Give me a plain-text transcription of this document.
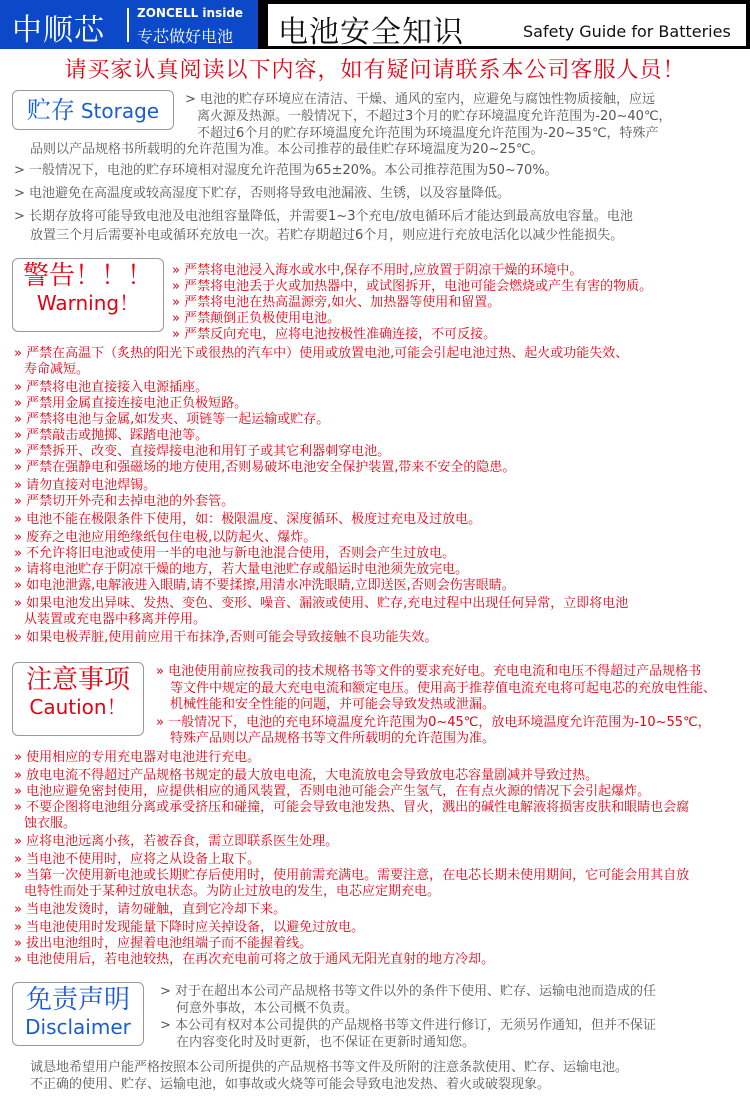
中顺芯	ZONCELL inside
专芯做好电池 电池安全知识	Safety Guide for Batteries
请买家认真阅读以下内容，如有疑问请联系本公司客服人员！
贮存 Storage	> 电池的贮存环境应在清洁、干燥、通风的室内，应避免与腐蚀性物质接触，应远
离火源及热源。一般情况下，不超过3个月的贮存环境温度允许范围为-20~40℃，
不超过6个月的贮存环境温度允许范围为环境温度允许范围为-20~35℃，特殊产
品则以产品规格书所载明的允许范围为准。本公司推荐的最佳贮存环境温度为20~25℃。
> 一般情况下，电池的贮存环境相对湿度允许范围为65±20%。本公司推荐范围为50~70%。
> 电池避免在高温度或较高湿度下贮存，否则将导致电池漏液、生锈，以及容量降低。
> 长期存放将可能导致电池及电池组容量降低，并需要1~3个充电/放电循环后才能达到最高放电容量。电池
放置三个月后需要补电或循环充放电一次。若贮存期超过6个月，则应进行充放电活化以减少性能损失。
警告！！！
Warning！
» 严禁将电池浸入海水或水中,保存不用时,应放置于阴凉干燥的环境中。
» 严禁将电池丢于火或加热器中，或试图拆开，电池可能会燃烧或产生有害的物质。
» 严禁将电池在热高温源旁,如火、加热器等使用和留置。
» 严禁颠倒正负极使用电池。
» 严禁反向充电，应将电池按极性准确连接，不可反接。
» 严禁在高温下（炙热的阳光下或很热的汽车中）使用或放置电池,可能会引起电池过热、起火或功能失效、
寿命减短。
» 严禁将电池直接接入电源插座。
» 严禁用金属直接连接电池正负极短路。
» 严禁将电池与金属,如发夹、项链等一起运输或贮存。
» 严禁敲击或抛掷、踩踏电池等。
» 严禁拆开、改变、直接焊接电池和用钉子或其它利器刺穿电池。
» 严禁在强静电和强磁场的地方使用,否则易破坏电池安全保护装置,带来不安全的隐患。
» 请勿直接对电池焊锡。
» 严禁切开外壳和去掉电池的外套管。
» 电池不能在极限条件下使用，如：极限温度、深度循环、极度过充电及过放电。
» 废弃之电池应用绝缘纸包住电极,以防起火、爆炸。
» 不允许将旧电池或使用一半的电池与新电池混合使用，否则会产生过放电。
» 请将电池贮存于阴凉干燥的地方，若大量电池贮存或船运时电池须先放完电。
» 如电池泄露,电解液进入眼睛,请不要揉擦,用清水冲洗眼睛,立即送医,否则会伤害眼睛。
» 如果电池发出异味、发热、变色、变形、噪音、漏液或使用、贮存,充电过程中出现任何异常，立即将电池
从装置或充电器中移离并停用。
» 如果电极弄脏,使用前应用干布抹净,否则可能会导致接触不良功能失效。
注意事项
Caution！
» 电池使用前应按我司的技术规格书等文件的要求充好电。充电电流和电压不得超过产品规格书
等文件中规定的最大充电电流和额定电压。使用高于推荐值电流充电将可起电芯的充放电性能、
机械性能和安全性能的问题，并可能会导致发热或泄漏。
» 一般情况下，电池的充电环境温度允许范围为0~45℃，放电环境温度允许范围为-10~55℃，
特殊产品则以产品规格书等文件所载明的允许范围为准。
» 使用相应的专用充电器对电池进行充电。
» 放电电流不得超过产品规格书规定的最大放电电流，大电流放电会导致放电芯容量剧减并导致过热。
» 电池应避免密封使用，应提供相应的通风装置，否则电池可能会产生氢气，在有点火源的情况下会引起爆炸。
» 不要企图将电池组分离或承受挤压和碰撞，可能会导致电池发热、冒火，溅出的碱性电解液将损害皮肤和眼睛也会腐
蚀衣服。
» 应将电池远离小孩，若被吞食，需立即联系医生处理。
» 当电池不使用时，应将之从设备上取下。
» 当第一次使用新电池或长期贮存后使用时，使用前需充满电。需要注意，在电芯长期未使用期间，它可能会用其自放
电特性而处于某种过放电状态。为防止过放电的发生，电芯应定期充电。
» 当电池发烫时，请勿碰触，直到它冷却下来。
» 当电池使用时发现能量下降时应关掉设备，以避免过放电。
» 拔出电池组时，应握着电池组端子而不能握着线。
» 电池使用后，若电池较热，在再次充电前可将之放于通风无阳光直射的地方冷却。
免责声明
Disclaimer
> 对于在超出本公司产品规格书等文件以外的条件下使用、贮存、运输电池而造成的任
何意外事故，本公司概不负责。
> 本公司有权对本公司提供的产品规格书等文件进行修订，无须另作通知，但并不保证
在内容变化时及时更新，也不保证在更新时通知您。
诚恳地希望用户能严格按照本公司所提供的产品规格书等文件及所附的注意条款使用、贮存、运输电池。
不正确的使用、贮存、运输电池，如事故或火烧等可能会导致电池发热、着火或破裂现象。
